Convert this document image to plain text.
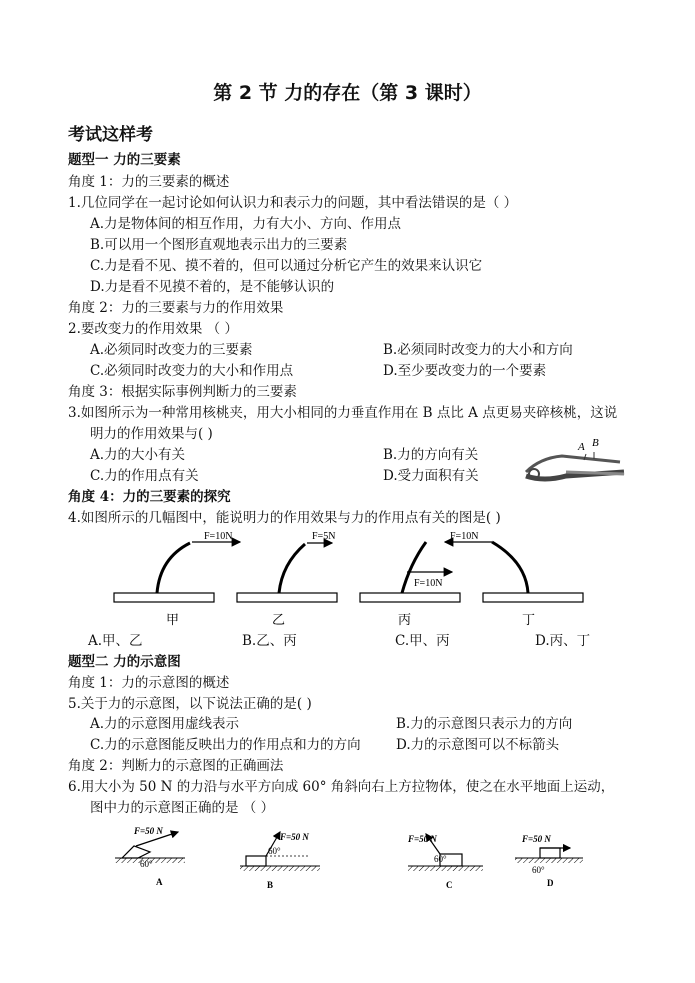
第 2 节 力的存在（第 3 课时）
考试这样考
题型一 力的三要素
角度 1：力的三要素的概述
1.几位同学在一起讨论如何认识力和表示力的问题，其中看法错误的是（ ）
A.力是物体间的相互作用，力有大小、方向、作用点
B.可以用一个图形直观地表示出力的三要素
C.力是看不见、摸不着的，但可以通过分析它产生的效果来认识它
D.力是看不见摸不着的，是不能够认识的
角度 2：力的三要素与力的作用效果
2.要改变力的作用效果 （ ）
A.必须同时改变力的三要素	B.必须同时改变力的大小和方向
C.必须同时改变力的大小和作用点	D.至少要改变力的一个要素
角度 3：根据实际事例判断力的三要素
3.如图所示为一种常用核桃夹，用大小相同的力垂直作用在 B 点比 A 点更易夹碎核桃，这说
明力的作用效果与( )
A.力的大小有关	B.力的方向有关
C.力的作用点有关	D.受力面积有关
A B
角度 4：力的三要素的探究
4.如图所示的几幅图中，能说明力的作用效果与力的作用点有关的图是( )
F=10N
甲
F=5N
乙
F=10N
丙
F=10N
丁
A.甲、乙	B.乙、丙	C.甲、丙	D.丙、丁
题型二 力的示意图
角度 1：力的示意图的概述
5.关于力的示意图，以下说法正确的是( )
A.力的示意图用虚线表示	B.力的示意图只表示力的方向
C.力的示意图能反映出力的作用点和力的方向	D.力的示意图可以不标箭头
角度 2：判断力的示意图的正确画法
6.用大小为 50 N 的力沿与水平方向成 60° 角斜向右上方拉物体，使之在水平地面上运动，
图中力的示意图正确的是 （ ）
F=50 N
60°
A
F=50 N
60°
B
F=50 N
60°
C
F=50 N
60°
D
